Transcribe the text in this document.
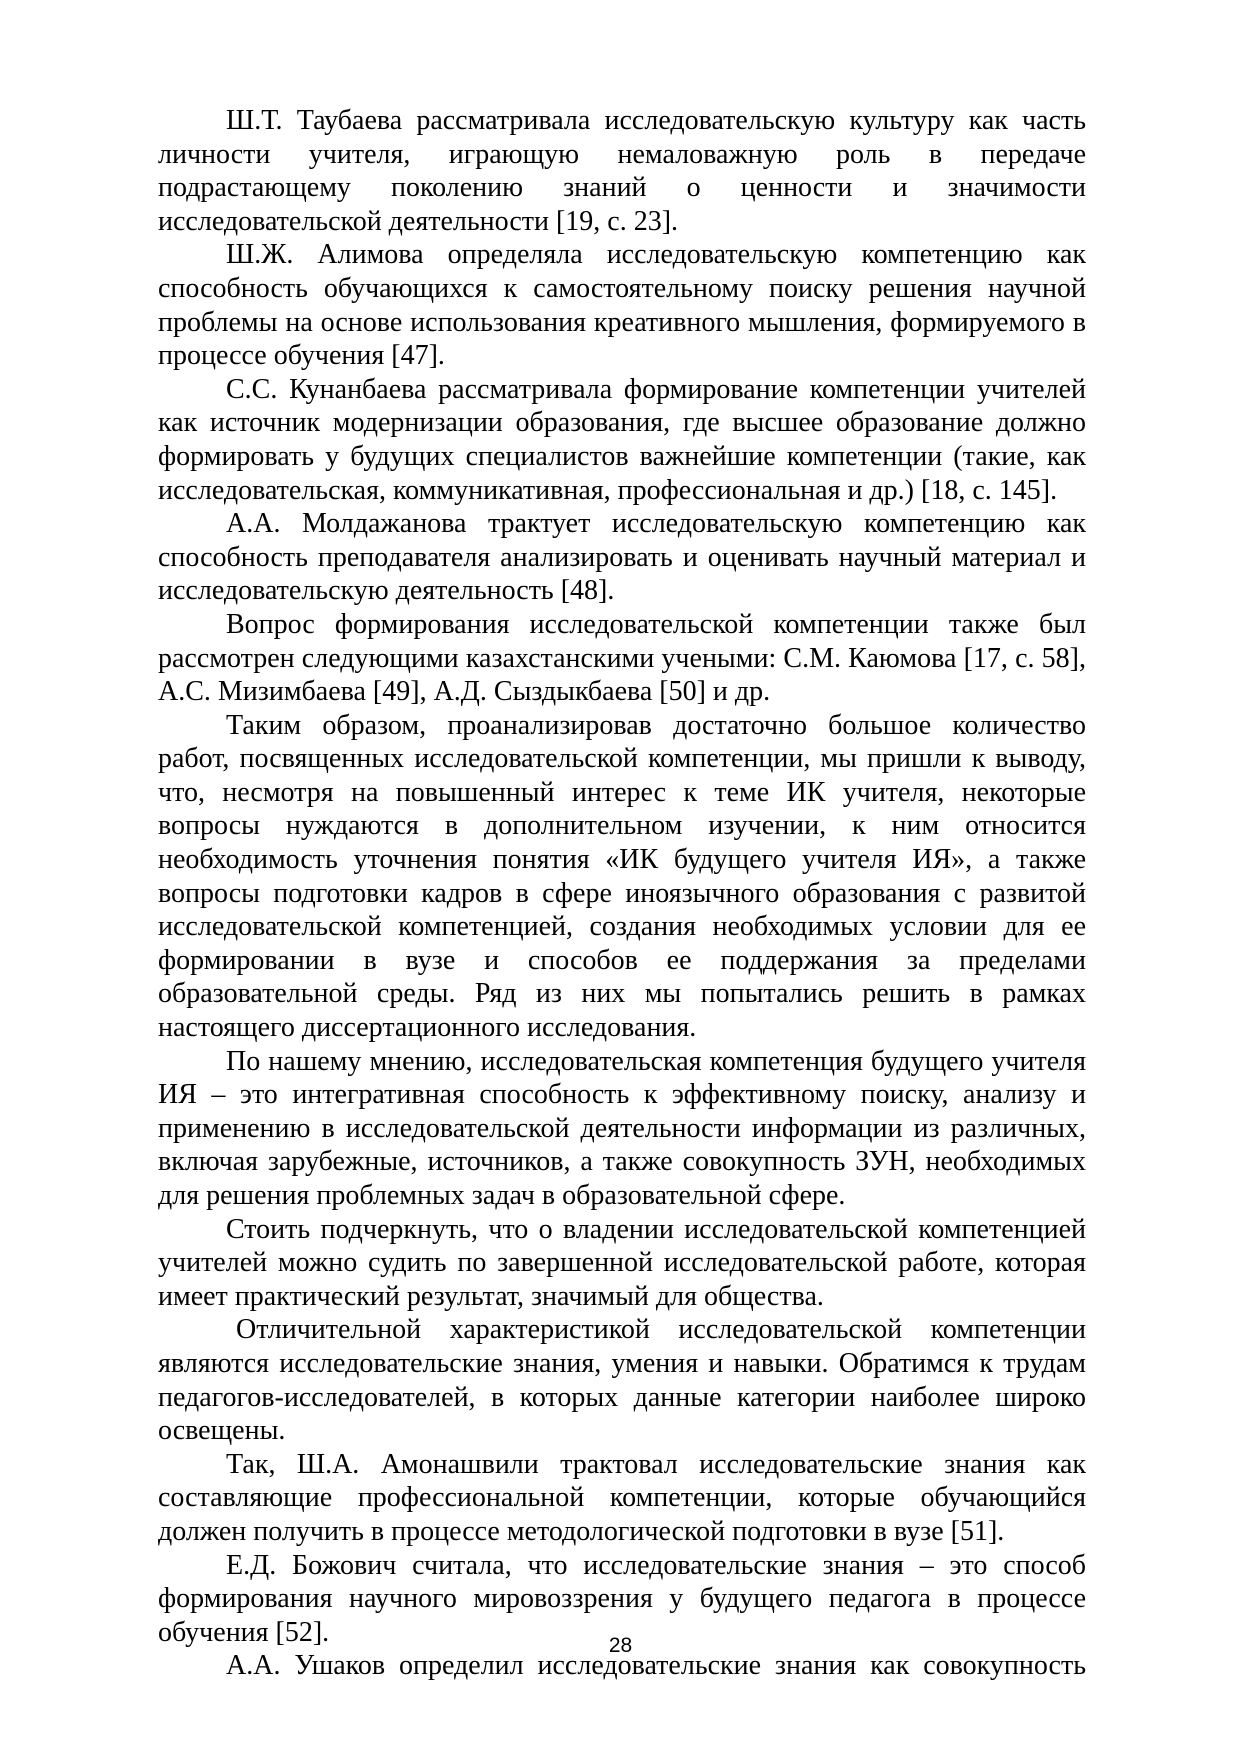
Ш.Т. Таубаева рассматривала исследовательскую культуру как часть личности учителя, играющую немаловажную роль в передаче подрастающему поколению знаний о ценности и значимости исследовательской деятельности [19, с. 23].

Ш.Ж. Алимова определяла исследовательскую компетенцию как способность обучающихся к самостоятельному поиску решения научной проблемы на основе использования креативного мышления, формируемого в процессе обучения [47].

С.С. Кунанбаева рассматривала формирование компетенции учителей как источник модернизации образования, где высшее образование должно формировать у будущих специалистов важнейшие компетенции (такие, как исследовательская, коммуникативная, профессиональная и др.) [18, с. 145].

А.А. Молдажанова трактует исследовательскую компетенцию как способность преподавателя анализировать и оценивать научный материал и исследовательскую деятельность [48].

Вопрос формирования исследовательской компетенции также был рассмотрен следующими казахстанскими учеными: С.М. Каюмова [17, с. 58], А.С. Мизимбаева [49], А.Д. Сыздыкбаева [50] и др.

Таким образом, проанализировав достаточно большое количество работ, посвященных исследовательской компетенции, мы пришли к выводу, что, несмотря на повышенный интерес к теме ИК учителя, некоторые вопросы нуждаются в дополнительном изучении, к ним относится необходимость уточнения понятия «ИК будущего учителя ИЯ», а также вопросы подготовки кадров в сфере иноязычного образования с развитой исследовательской компетенцией, создания необходимых условии для ее формировании в вузе и способов ее поддержания за пределами образовательной среды. Ряд из них мы попытались решить в рамках настоящего диссертационного исследования.

По нашему мнению, исследовательская компетенция будущего учителя ИЯ – это интегративная способность к эффективному поиску, анализу и применению в исследовательской деятельности информации из различных, включая зарубежные, источников, а также совокупность ЗУН, необходимых для решения проблемных задач в образовательной сфере.

Стоить подчеркнуть, что о владении исследовательской компетенцией учителей можно судить по завершенной исследовательской работе, которая имеет практический результат, значимый для общества.

Отличительной характеристикой исследовательской компетенции являются исследовательские знания, умения и навыки. Обратимся к трудам педагогов-исследователей, в которых данные категории наиболее широко освещены.

Так, Ш.А. Амонашвили трактовал исследовательские знания как составляющие профессиональной компетенции, которые обучающийся должен получить в процессе методологической подготовки в вузе [51].

Е.Д. Божович считала, что исследовательские знания – это способ формирования научного мировоззрения у будущего педагога в процессе обучения [52].

А.А. Ушаков определил исследовательские знания как совокупность

28
